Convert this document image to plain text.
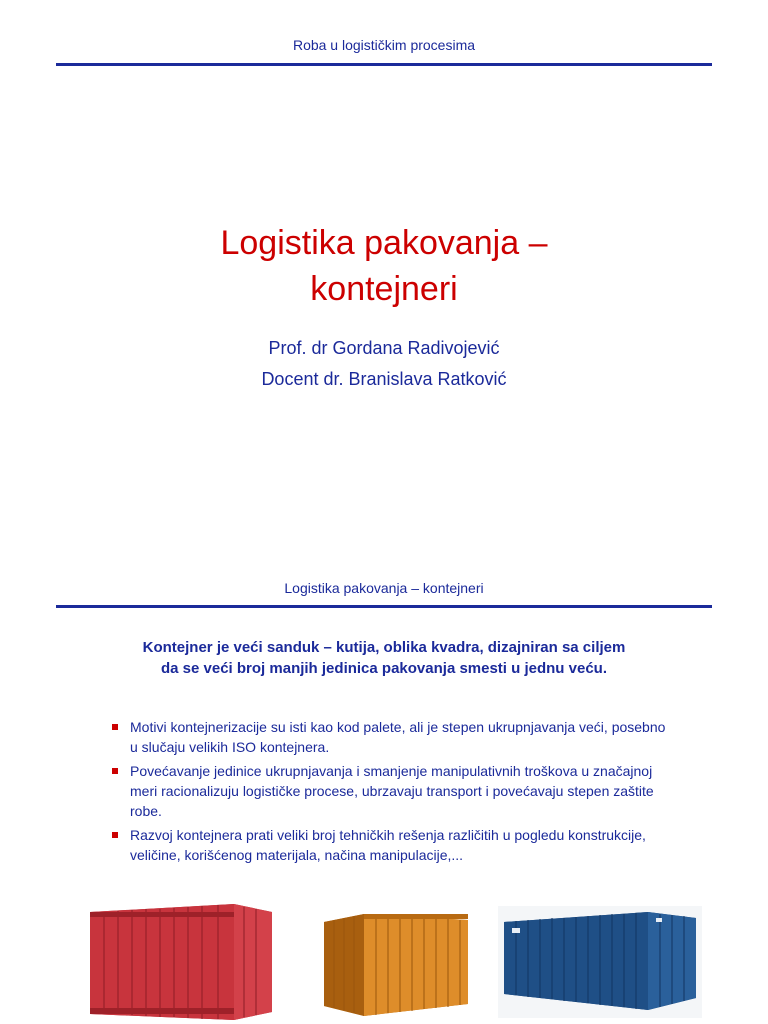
Roba u logističkim procesima
Logistika pakovanja –
kontejneri
Prof. dr Gordana Radivojević
Docent dr. Branislava Ratković
Logistika pakovanja – kontejneri
Kontejner je veći sanduk – kutija, oblika kvadra, dizajniran sa ciljem
da se veći broj manjih jedinica pakovanja smesti u jednu veću.
Motivi kontejnerizacije su isti kao kod palete, ali je stepen ukrupnjavanja veći, posebno u slučaju velikih ISO kontejnera.
Povećavanje jedinice ukrupnjavanja i smanjenje manipulativnih troškova u značajnoj meri racionalizuju logističke procese, ubrzavaju transport i povećavaju stepen zaštite robe.
Razvoj kontejnera prati veliki broj tehničkih rešenja različitih u pogledu konstrukcije, veličine, korišćenog materijala, načina manipulacije,...
